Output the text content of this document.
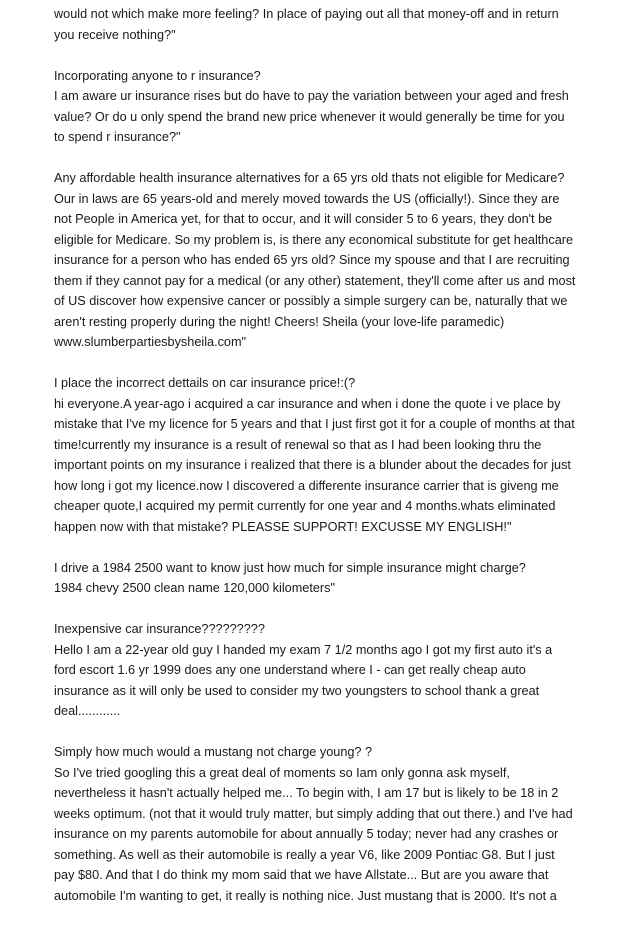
would not which make more feeling? In place of paying out all that money-off and in return
you receive nothing?"
Incorporating anyone to r insurance?
I am aware ur insurance rises but do have to pay the variation between your aged and fresh
value? Or do u only spend the brand new price whenever it would generally be time for you
to spend r insurance?"
Any affordable health insurance alternatives for a 65 yrs old thats not eligible for Medicare?
Our in laws are 65 years-old and merely moved towards the US (officially!). Since they are
not People in America yet, for that to occur, and it will consider 5 to 6 years, they don't be
eligible for Medicare. So my problem is, is there any economical substitute for get healthcare
insurance for a person who has ended 65 yrs old? Since my spouse and that I are recruiting
them if they cannot pay for a medical (or any other) statement, they'll come after us and most
of US discover how expensive cancer or possibly a simple surgery can be, naturally that we
aren't resting properly during the night! Cheers! Sheila (your love-life paramedic)
www.slumberpartiesbysheila.com"
I place the incorrect dettails on car insurance price!:(?
hi everyone.A year-ago i acquired a car insurance and when i done the quote i ve place by
mistake that I've my licence for 5 years and that I just first got it for a couple of months at that
time!currently my insurance is a result of renewal so that as I had been looking thru the
important points on my insurance i realized that there is a blunder about the decades for just
how long i got my licence.now I discovered a differente insurance carrier that is giveng me
cheaper quote,I acquired my permit currently for one year and 4 months.whats eliminated
happen now with that mistake? PLEASSE SUPPORT! EXCUSSE MY ENGLISH!"
I drive a 1984 2500 want to know just how much for simple insurance might charge?
1984 chevy 2500 clean name 120,000 kilometers"
Inexpensive car insurance?????????
Hello I am a 22-year old guy I handed my exam 7 1/2 months ago I got my first auto it's a
ford escort 1.6 yr 1999 does any one understand where I - can get really cheap auto
insurance as it will only be used to consider my two youngsters to school thank a great
deal............
Simply how much would a mustang not charge young? ?
So I've tried googling this a great deal of moments so Iam only gonna ask myself,
nevertheless it hasn't actually helped me... To begin with, I am 17 but is likely to be 18 in 2
weeks optimum. (not that it would truly matter, but simply adding that out there.) and I've had
insurance on my parents automobile for about annually 5 today; never had any crashes or
something. As well as their automobile is really a year V6, like 2009 Pontiac G8. But I just
pay $80. And that I do think my mom said that we have Allstate... But are you aware that
automobile I'm wanting to get, it really is nothing nice. Just mustang that is 2000. It's not a
